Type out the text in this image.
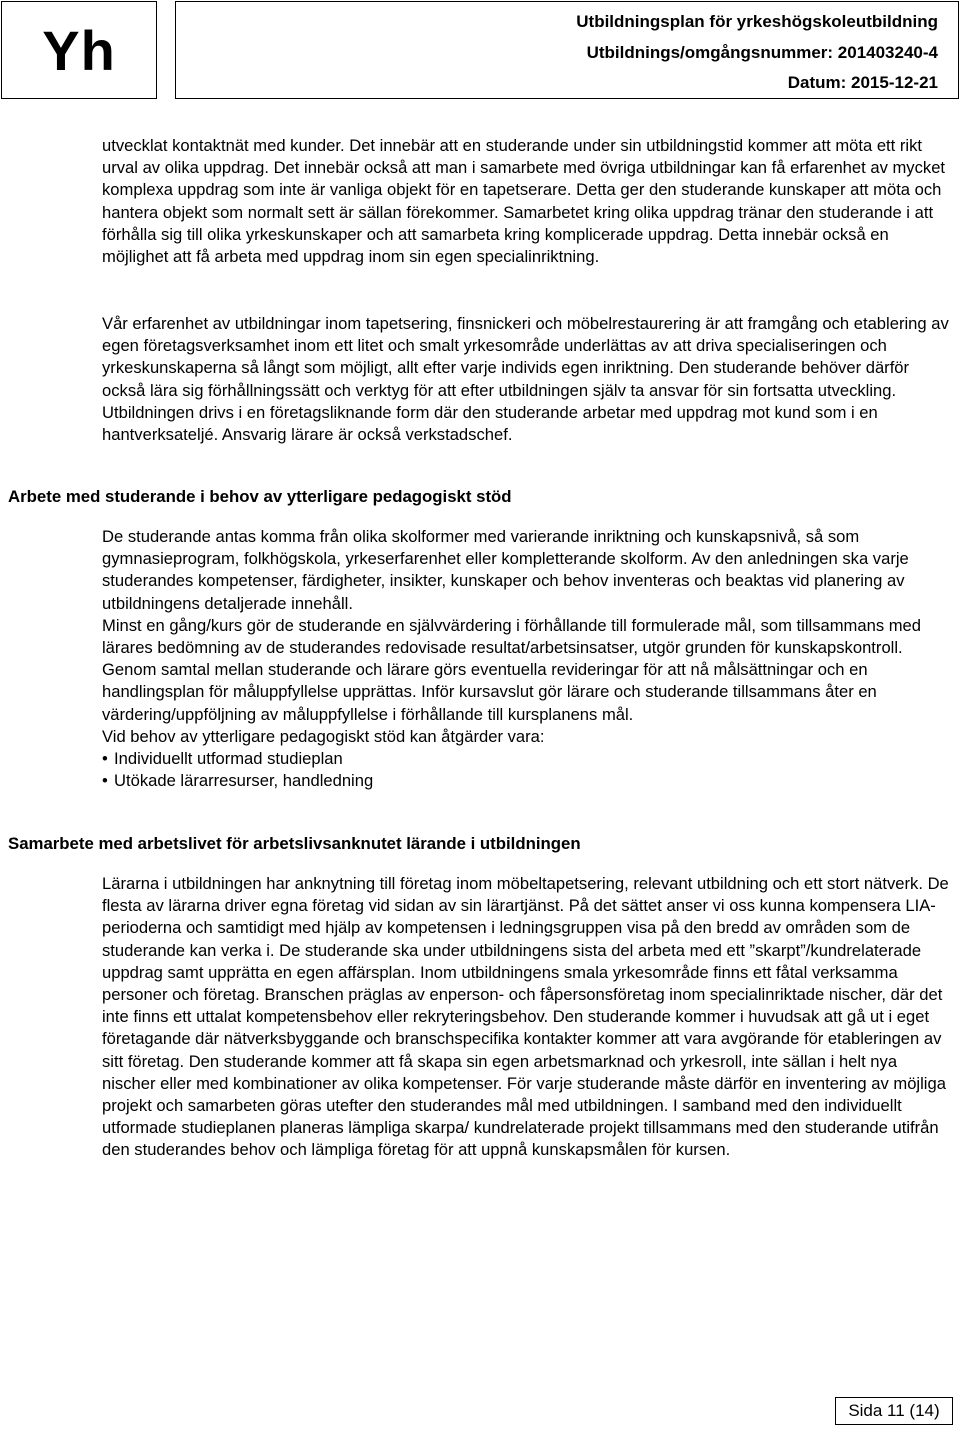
Yh	Utbildningsplan för yrkeshögskoleutbildning
Utbildnings/omgångsnummer: 201403240-4
Datum: 2015-12-21

utvecklat kontaktnät med kunder. Det innebär att en studerande under sin utbildningstid kommer att möta ett rikt urval av olika uppdrag. Det innebär också att man i samarbete med övriga utbildningar kan få erfarenhet av mycket komplexa uppdrag som inte är vanliga objekt för en tapetserare. Detta ger den studerande kunskaper att möta och hantera objekt som normalt sett är sällan förekommer. Samarbetet kring olika uppdrag tränar den studerande i att förhålla sig till olika yrkeskunskaper och att samarbeta kring komplicerade uppdrag. Detta innebär också en möjlighet att få arbeta med uppdrag inom sin egen specialinriktning.

Vår erfarenhet av utbildningar inom tapetsering, finsnickeri och möbelrestaurering är att framgång och etablering av egen företagsverksamhet inom ett litet och smalt yrkesområde underlättas av att driva specialiseringen och yrkeskunskaperna så långt som möjligt, allt efter varje individs egen inriktning. Den studerande behöver därför också lära sig förhållningssätt och verktyg för att efter utbildningen själv ta ansvar för sin fortsatta utveckling.

Utbildningen drivs i en företagsliknande form där den studerande arbetar med uppdrag mot kund som i en hantverksateljé. Ansvarig lärare är också verkstadschef.

Arbete med studerande i behov av ytterligare pedagogiskt stöd

De studerande antas komma från olika skolformer med varierande inriktning och kunskapsnivå, så som gymnasieprogram, folkhögskola, yrkeserfarenhet eller kompletterande skolform. Av den anledningen ska varje studerandes kompetenser, färdigheter, insikter, kunskaper och behov inventeras och beaktas vid planering av utbildningens detaljerade innehåll.

Minst en gång/kurs gör de studerande en självvärdering i förhållande till formulerade mål, som tillsammans med lärares bedömning av de studerandes redovisade resultat/arbetsinsatser, utgör grunden för kunskapskontroll. Genom samtal mellan studerande och lärare görs eventuella revideringar för att nå målsättningar och en handlingsplan för måluppfyllelse upprättas. Inför kursavslut gör lärare och studerande tillsammans åter en värdering/uppföljning av måluppfyllelse i förhållande till kursplanens mål.

Vid behov av ytterligare pedagogiskt stöd kan åtgärder vara:

• Individuellt utformad studieplan
• Utökade lärarresurser, handledning
Samarbete med arbetslivet för arbetslivsanknutet lärande i utbildningen

Lärarna i utbildningen har anknytning till företag inom möbeltapetsering, relevant utbildning och ett stort nätverk. De flesta av lärarna driver egna företag vid sidan av sin lärartjänst. På det sättet anser vi oss kunna kompensera LIA-perioderna och samtidigt med hjälp av kompetensen i ledningsgruppen visa på den bredd av områden som de studerande kan verka i. De studerande ska under utbildningens sista del arbeta med ett ”skarpt”/kundrelaterade uppdrag samt upprätta en egen affärsplan. Inom utbildningens smala yrkesområde finns ett fåtal verksamma personer och företag. Branschen präglas av enperson- och fåpersonsföretag inom specialinriktade nischer, där det inte finns ett uttalat kompetensbehov eller rekryteringsbehov. Den studerande kommer i huvudsak att gå ut i eget företagande där nätverksbyggande och branschspecifika kontakter kommer att vara avgörande för etableringen av sitt företag. Den studerande kommer att få skapa sin egen arbetsmarknad och yrkesroll, inte sällan i helt nya nischer eller med kombinationer av olika kompetenser. För varje studerande måste därför en inventering av möjliga projekt och samarbeten göras utefter den studerandes mål med utbildningen. I samband med den individuellt utformade studieplanen planeras lämpliga skarpa/ kundrelaterade projekt tillsammans med den studerande utifrån den studerandes behov och lämpliga företag för att uppnå kunskapsmålen för kursen.

Sida 11 (14)
